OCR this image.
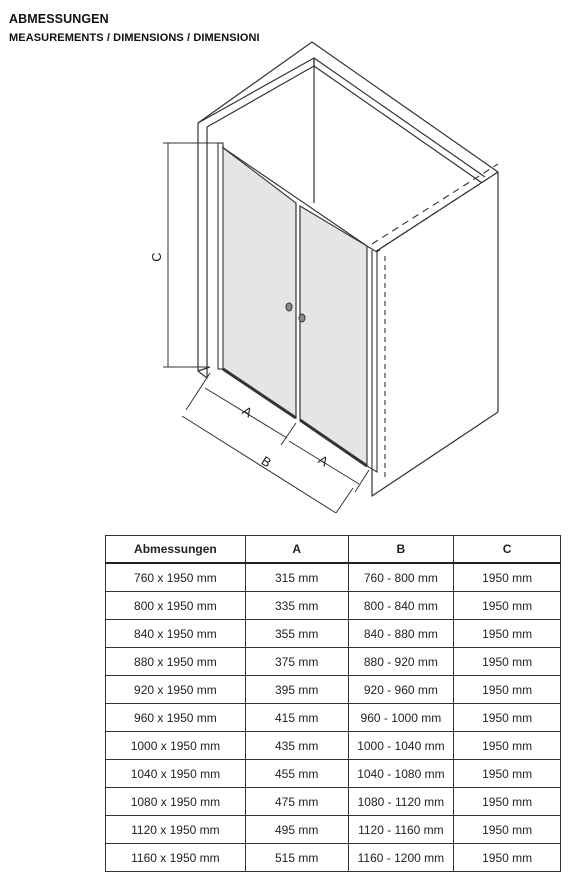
ABMESSUNGEN
MEASUREMENTS / DIMENSIONS / DIMENSIONI
C
A
A
B
Abmessungen	A	B	C
760 x 1950 mm	315 mm	760 - 800 mm	1950 mm
800 x 1950 mm	335 mm	800 - 840 mm	1950 mm
840 x 1950 mm	355 mm	840 - 880 mm	1950 mm
880 x 1950 mm	375 mm	880 - 920 mm	1950 mm
920 x 1950 mm	395 mm	920 - 960 mm	1950 mm
960 x 1950 mm	415 mm	960 - 1000 mm	1950 mm
1000 x 1950 mm	435 mm	1000 - 1040 mm	1950 mm
1040 x 1950 mm	455 mm	1040 - 1080 mm	1950 mm
1080 x 1950 mm	475 mm	1080 - 1120 mm	1950 mm
1120 x 1950 mm	495 mm	1120 - 1160 mm	1950 mm
1160 x 1950 mm	515 mm	1160 - 1200 mm	1950 mm
